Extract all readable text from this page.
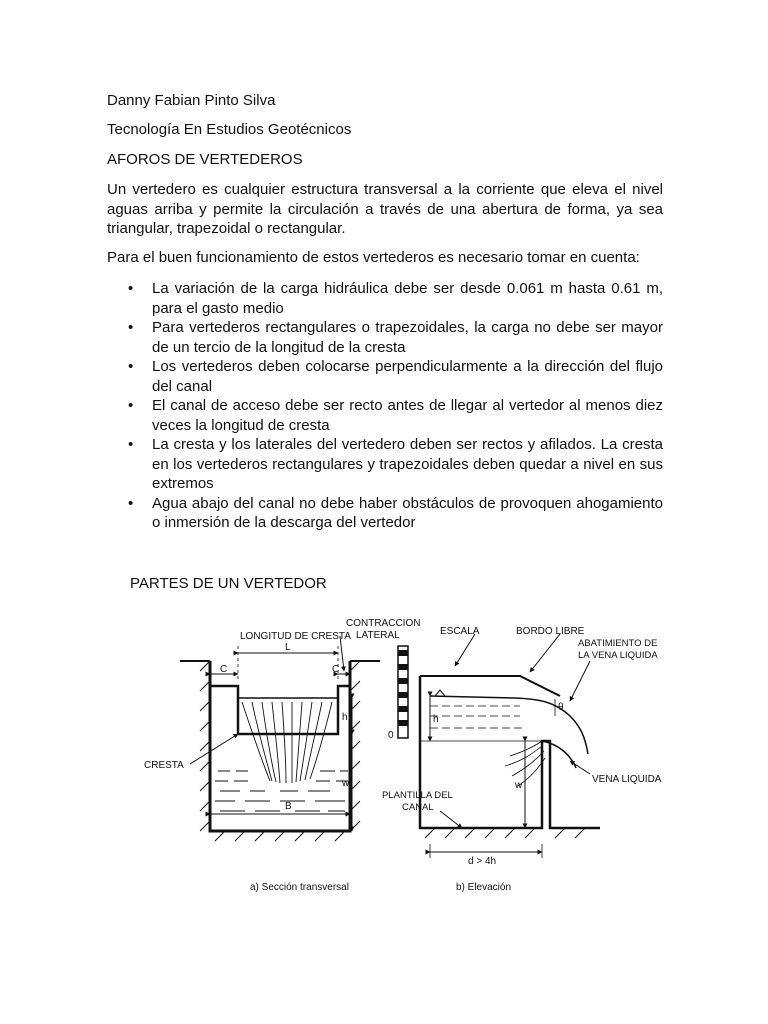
Danny Fabian Pinto Silva
Tecnología En Estudios Geotécnicos
AFOROS DE VERTEDEROS
Un vertedero es cualquier estructura transversal a la corriente que eleva el nivel aguas arriba y permite la circulación a través de una abertura de forma, ya sea triangular, trapezoidal o rectangular.
Para el buen funcionamiento de estos vertederos es necesario tomar en cuenta:
• La variación de la carga hidráulica debe ser desde 0.061 m hasta 0.61 m, para el gasto medio
• Para vertederos rectangulares o trapezoidales, la carga no debe ser mayor de un tercio de la longitud de la cresta
• Los vertederos deben colocarse perpendicularmente a la dirección del flujo del canal
• El canal de acceso debe ser recto antes de llegar al vertedor al menos diez veces la longitud de cresta
• La cresta y los laterales del vertedero deben ser rectos y afilados. La cresta en los vertederos rectangulares y trapezoidales deben quedar a nivel en sus extremos
• Agua abajo del canal no debe haber obstáculos de provoquen ahogamiento o inmersión de la descarga del vertedor
PARTES DE UN VERTEDOR
LONGITUD DE CRESTA
CONTRACCION
LATERAL	ESCALA	BORDO LIBRE
ABATIMIENTO DE
LA VENA LIQUIDA
CRESTA
VENA LIQUIDA
PLANTILLA DEL
CANAL
L
C	C
h
w
B
0
h
w
θ
d > 4h
a) Sección transversal	b) Elevación
